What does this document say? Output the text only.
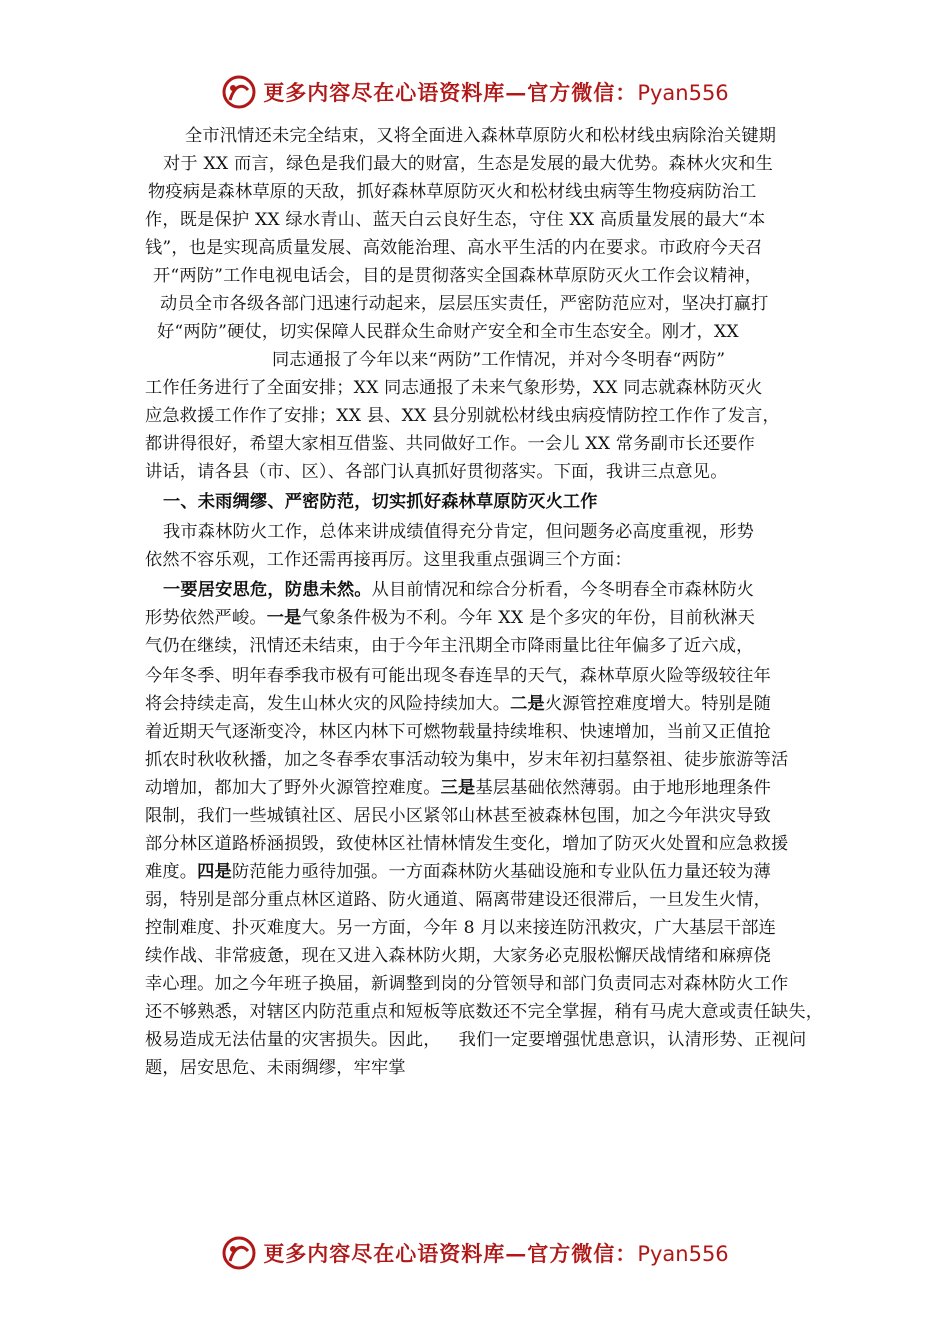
更多内容尽在心语资料库—官方微信：Pyan556
全市汛情还未完全结束，又将全面进入森林草原防火和松材线虫病除治关键期
对于 XX 而言，绿色是我们最大的财富，生态是发展的最大优势。森林火灾和生
物疫病是森林草原的天敌，抓好森林草原防灭火和松材线虫病等生物疫病防治工
作，既是保护 XX 绿水青山、蓝天白云良好生态，守住 XX 高质量发展的最大“本
钱”，也是实现高质量发展、高效能治理、高水平生活的内在要求。市政府今天召
开“两防”工作电视电话会，目的是贯彻落实全国森林草原防灭火工作会议精神，
动员全市各级各部门迅速行动起来，层层压实责任，严密防范应对，坚决打赢打
好“两防”硬仗，切实保障人民群众生命财产安全和全市生态安全。刚才，XX
同志通报了今年以来“两防”工作情况，并对今冬明春“两防”
工作任务进行了全面安排；XX 同志通报了未来气象形势，XX 同志就森林防灭火
应急救援工作作了安排；XX 县、XX 县分别就松材线虫病疫情防控工作作了发言，
都讲得很好，希望大家相互借鉴、共同做好工作。一会儿 XX 常务副市长还要作
讲话，请各县（市、区）、各部门认真抓好贯彻落实。下面，我讲三点意见。
一、未雨绸缪、严密防范，切实抓好森林草原防灭火工作
我市森林防火工作，总体来讲成绩值得充分肯定，但问题务必高度重视，形势
依然不容乐观，工作还需再接再厉。这里我重点强调三个方面：
一要居安思危，防患未然。从目前情况和综合分析看，今冬明春全市森林防火
形势依然严峻。一是气象条件极为不利。今年 XX 是个多灾的年份，目前秋淋天
气仍在继续，汛情还未结束，由于今年主汛期全市降雨量比往年偏多了近六成，
今年冬季、明年春季我市极有可能出现冬春连旱的天气，森林草原火险等级较往年
将会持续走高，发生山林火灾的风险持续加大。二是火源管控难度增大。特别是随
着近期天气逐渐变冷，林区内林下可燃物载量持续堆积、快速增加，当前又正值抢
抓农时秋收秋播，加之冬春季农事活动较为集中，岁末年初扫墓祭祖、徒步旅游等活
动增加，都加大了野外火源管控难度。三是基层基础依然薄弱。由于地形地理条件
限制，我们一些城镇社区、居民小区紧邻山林甚至被森林包围，加之今年洪灾导致
部分林区道路桥涵损毁，致使林区社情林情发生变化，增加了防灭火处置和应急救援
难度。四是防范能力亟待加强。一方面森林防火基础设施和专业队伍力量还较为薄
弱，特别是部分重点林区道路、防火通道、隔离带建设还很滞后，一旦发生火情，
控制难度、扑灭难度大。另一方面，今年 8 月以来接连防汛救灾，广大基层干部连
续作战、非常疲惫，现在又进入森林防火期，大家务必克服松懈厌战情绪和麻痹侥
幸心理。加之今年班子换届，新调整到岗的分管领导和部门负责同志对森林防火工作
还不够熟悉，对辖区内防范重点和短板等底数还不完全掌握，稍有马虎大意或责任缺失，
极易造成无法估量的灾害损失。因此， 我们一定要增强忧患意识，认清形势、正视问
题，居安思危、未雨绸缪，牢牢掌
更多内容尽在心语资料库—官方微信：Pyan556
